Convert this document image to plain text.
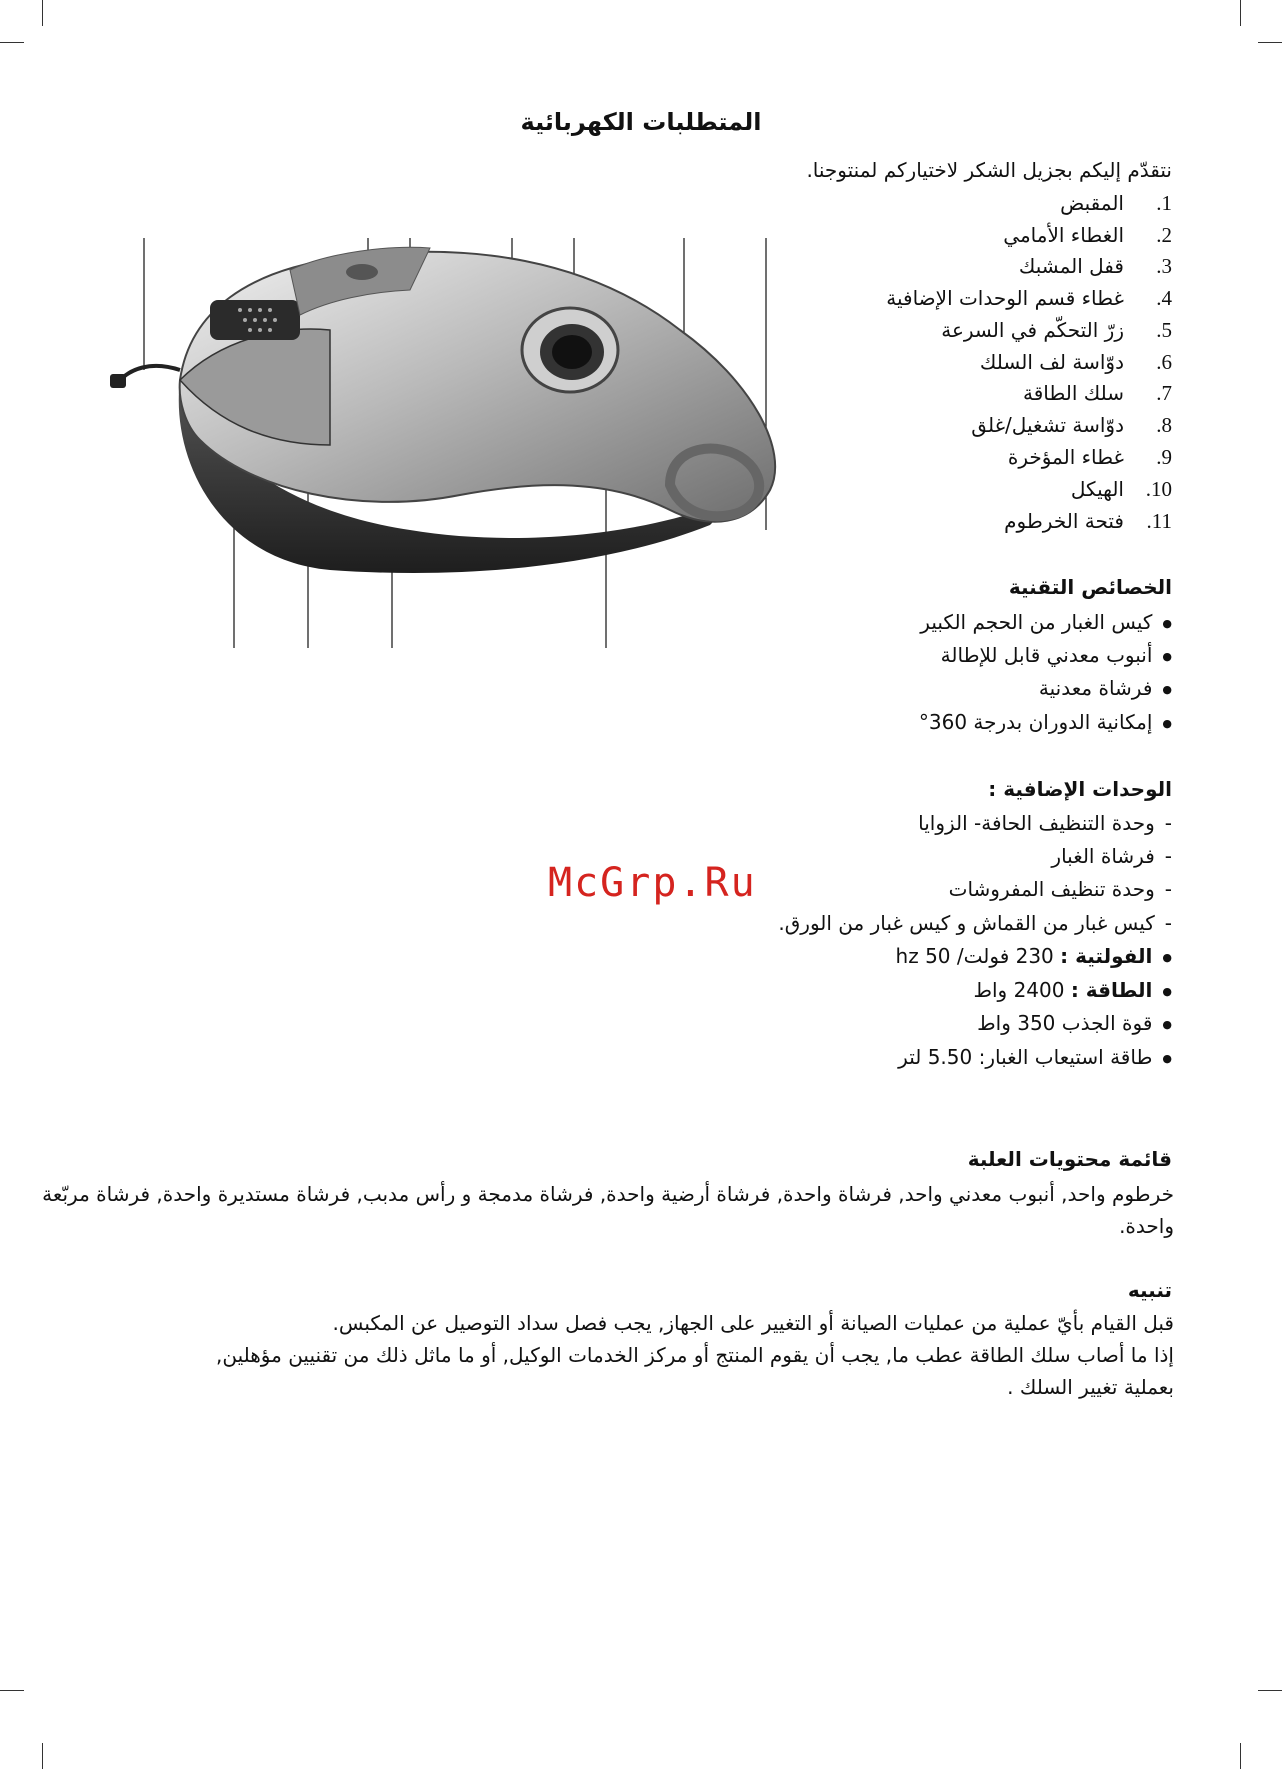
المتطلبات الكهربائية
نتقدّم إليكم بجزيل الشكر لاختياركم لمنتوجنا.
1.
المقبض
2.
الغطاء الأمامي
3.
قفل المشبك
4.
غطاء قسم الوحدات الإضافية
5.
زرّ التحكّم في السرعة
6.
دوّاسة لف السلك
7.
سلك الطاقة
8.
دوّاسة تشغيل/غلق
9.
غطاء المؤخرة
10.
الهيكل
11.
فتحة الخرطوم
الخصائص التقنية
● كيس الغبار من الحجم الكبير
● أنبوب معدني قابل للإطالة
● فرشاة معدنية
● إمكانية الدوران بدرجة 360°
الوحدات الإضافية :
- وحدة التنظيف الحافة- الزوايا
- فرشاة الغبار
- وحدة تنظيف المفروشات
- كيس غبار من القماش و كيس غبار من الورق.
● الفولتية : 230 فولت/ 50 hz
● الطاقة : 2400 واط
● قوة الجذب 350 واط
● طاقة استيعاب الغبار: 5.50 لتر
McGrp.Ru
قائمة محتويات العلبة
خرطوم واحد, أنبوب معدني واحد, فرشاة واحدة, فرشاة أرضية واحدة, فرشاة مدمجة و رأس مدبب, فرشاة مستديرة واحدة, فرشاة مربّعة واحدة.
تنبيه
قبل القيام بأيّ عملية من عمليات الصيانة أو التغيير على الجهاز, يجب فصل سداد التوصيل عن المكبس.
إذا ما أصاب سلك الطاقة عطب ما, يجب أن يقوم المنتج أو مركز الخدمات الوكيل, أو ما ماثل ذلك من تقنيين مؤهلين,
بعملية تغيير السلك .
